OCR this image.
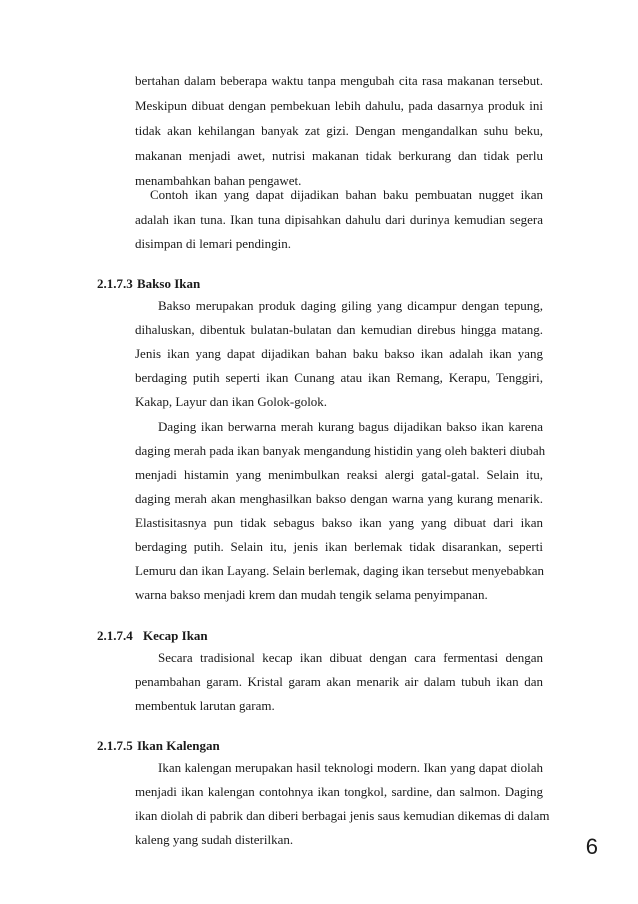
bertahan dalam beberapa waktu tanpa mengubah cita rasa makanan tersebut.
Meskipun dibuat dengan pembekuan lebih dahulu, pada dasarnya produk ini
tidak akan kehilangan banyak zat gizi. Dengan mengandalkan suhu beku,
makanan menjadi awet, nutrisi makanan tidak berkurang dan tidak perlu
menambahkan bahan pengawet.
Contoh ikan yang dapat dijadikan bahan baku pembuatan nugget ikan
adalah ikan tuna. Ikan tuna dipisahkan dahulu dari durinya kemudian segera
disimpan di lemari pendingin.
2.1.7.3 Bakso Ikan
Bakso merupakan produk daging giling yang dicampur dengan tepung,
dihaluskan, dibentuk bulatan-bulatan dan kemudian direbus hingga matang.
Jenis ikan yang dapat dijadikan bahan baku bakso ikan adalah ikan yang
berdaging putih seperti ikan Cunang atau ikan Remang, Kerapu, Tenggiri,
Kakap, Layur dan ikan Golok-golok.
Daging ikan berwarna merah kurang bagus dijadikan bakso ikan karena
daging merah pada ikan banyak mengandung histidin yang oleh bakteri diubah
menjadi histamin yang menimbulkan reaksi alergi gatal-gatal. Selain itu,
daging merah akan menghasilkan bakso dengan warna yang kurang menarik.
Elastisitasnya pun tidak sebagus bakso ikan yang yang dibuat dari ikan
berdaging putih. Selain itu, jenis ikan berlemak tidak disarankan, seperti
Lemuru dan ikan Layang. Selain berlemak, daging ikan tersebut menyebabkan
warna bakso menjadi krem dan mudah tengik selama penyimpanan.
2.1.7.4 Kecap Ikan
Secara tradisional kecap ikan dibuat dengan cara fermentasi dengan
penambahan garam. Kristal garam akan menarik air dalam tubuh ikan dan
membentuk larutan garam.
2.1.7.5 Ikan Kalengan
Ikan kalengan merupakan hasil teknologi modern. Ikan yang dapat diolah
menjadi ikan kalengan contohnya ikan tongkol, sardine, dan salmon. Daging
ikan diolah di pabrik dan diberi berbagai jenis saus kemudian dikemas di dalam
kaleng yang sudah disterilkan.	6
